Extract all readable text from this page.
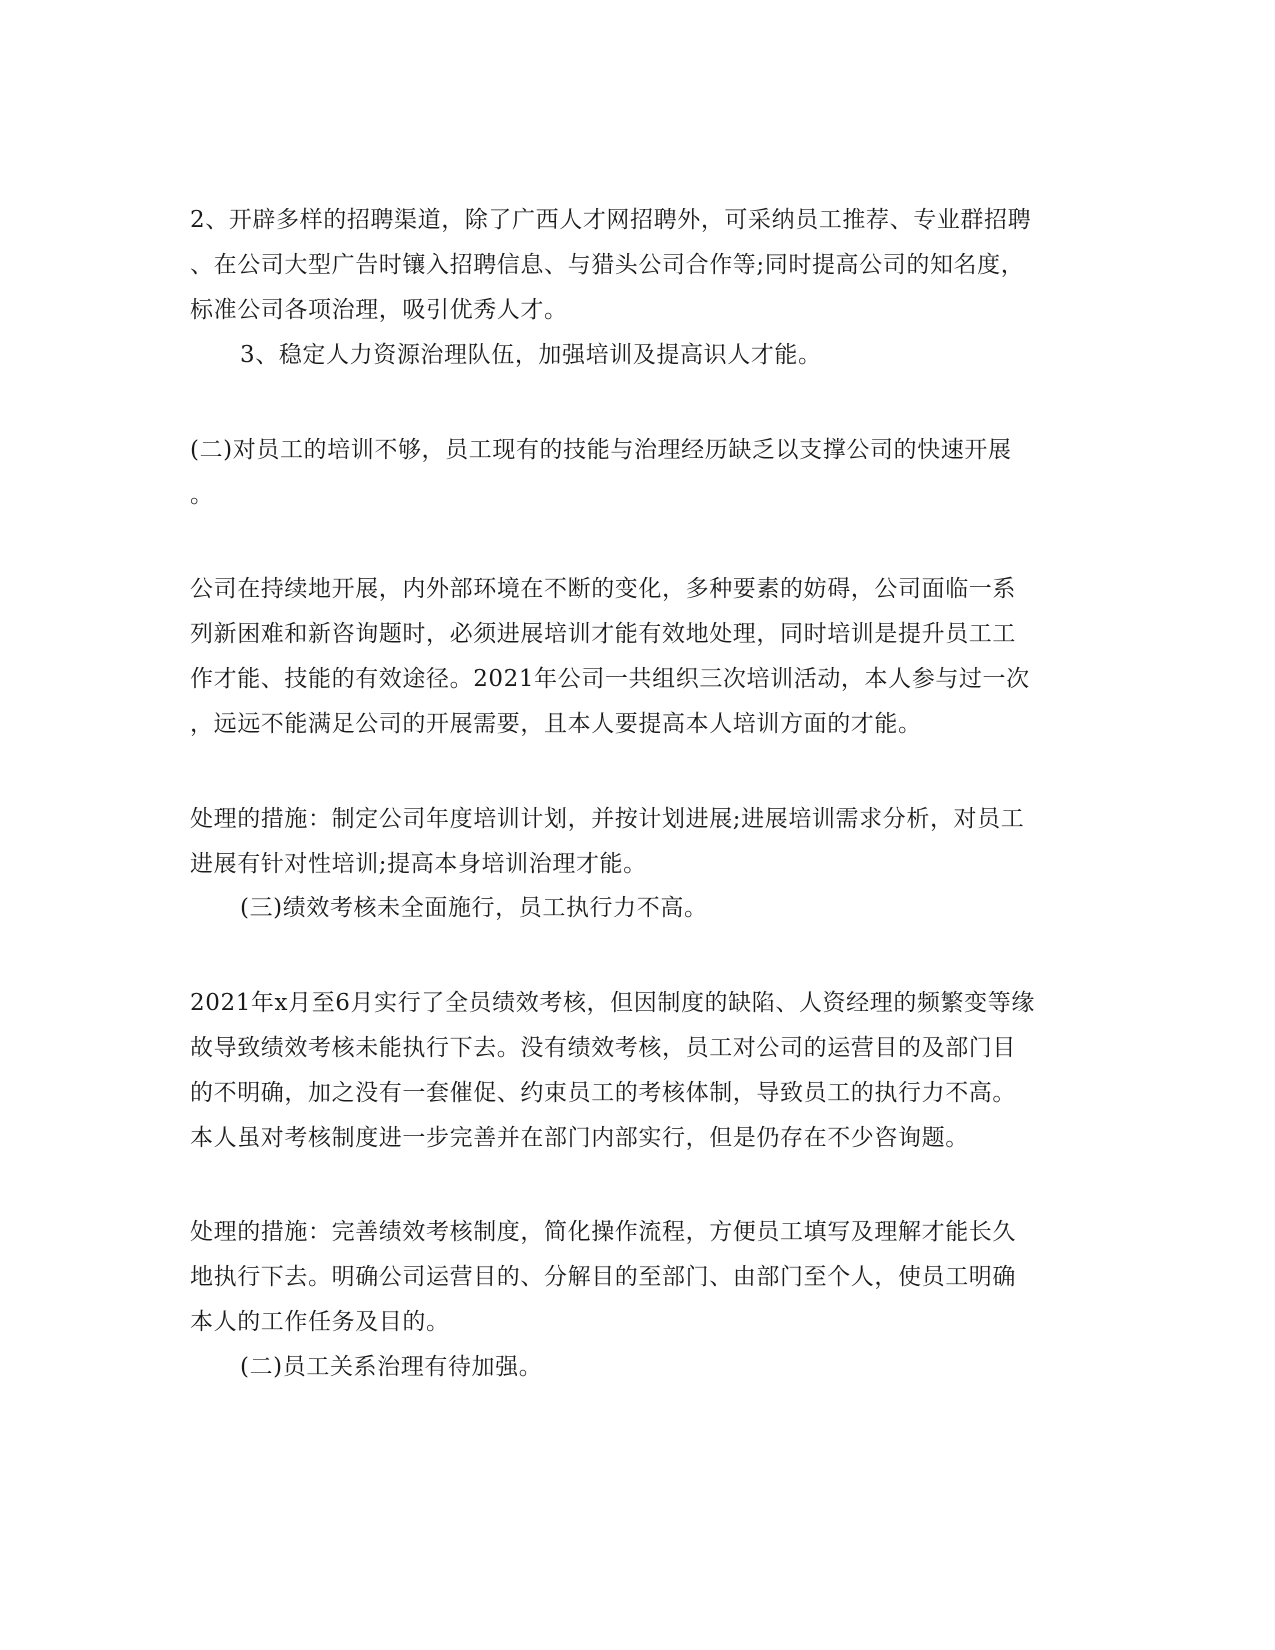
2、开辟多样的招聘渠道，除了广西人才网招聘外，可采纳员工推荐、专业群招聘
、在公司大型广告时镶入招聘信息、与猎头公司合作等;同时提高公司的知名度，
标准公司各项治理，吸引优秀人才。
3、稳定人力资源治理队伍，加强培训及提高识人才能。
(二)对员工的培训不够，员工现有的技能与治理经历缺乏以支撑公司的快速开展
。
公司在持续地开展，内外部环境在不断的变化，多种要素的妨碍，公司面临一系
列新困难和新咨询题时，必须进展培训才能有效地处理，同时培训是提升员工工
作才能、技能的有效途径。2021年公司一共组织三次培训活动，本人参与过一次
，远远不能满足公司的开展需要，且本人要提高本人培训方面的才能。
处理的措施：制定公司年度培训计划，并按计划进展;进展培训需求分析，对员工
进展有针对性培训;提高本身培训治理才能。
(三)绩效考核未全面施行，员工执行力不高。
2021年x月至6月实行了全员绩效考核，但因制度的缺陷、人资经理的频繁变等缘
故导致绩效考核未能执行下去。没有绩效考核，员工对公司的运营目的及部门目
的不明确，加之没有一套催促、约束员工的考核体制，导致员工的执行力不高。
本人虽对考核制度进一步完善并在部门内部实行，但是仍存在不少咨询题。
处理的措施：完善绩效考核制度，简化操作流程，方便员工填写及理解才能长久
地执行下去。明确公司运营目的、分解目的至部门、由部门至个人，使员工明确
本人的工作任务及目的。
(二)员工关系治理有待加强。
